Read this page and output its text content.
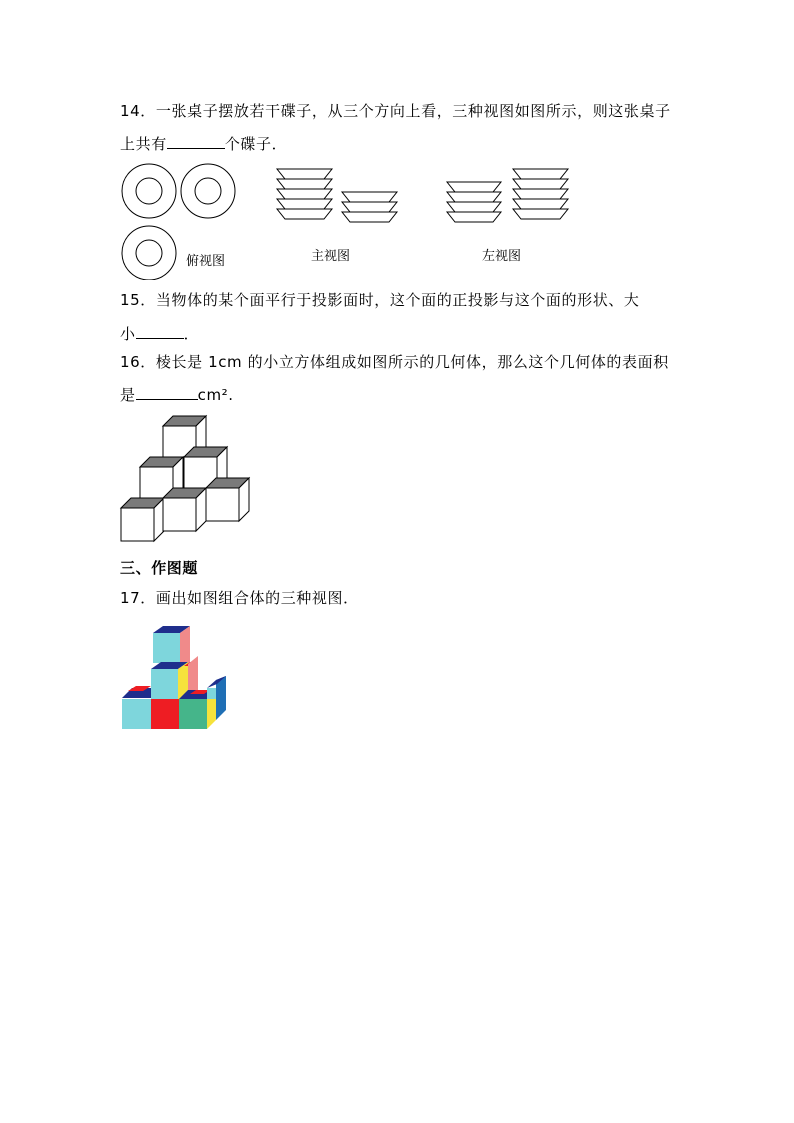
14．一张桌子摆放若干碟子，从三个方向上看，三种视图如图所示，则这张桌子
上共有	个碟子．
俯视图	主视图	左视图
15．当物体的某个面平行于投影面时，这个面的正投影与这个面的形状、大
小	．
16．棱长是 1cm 的小立方体组成如图所示的几何体，那么这个几何体的表面积
是	cm².
三、作图题
17．画出如图组合体的三种视图．
